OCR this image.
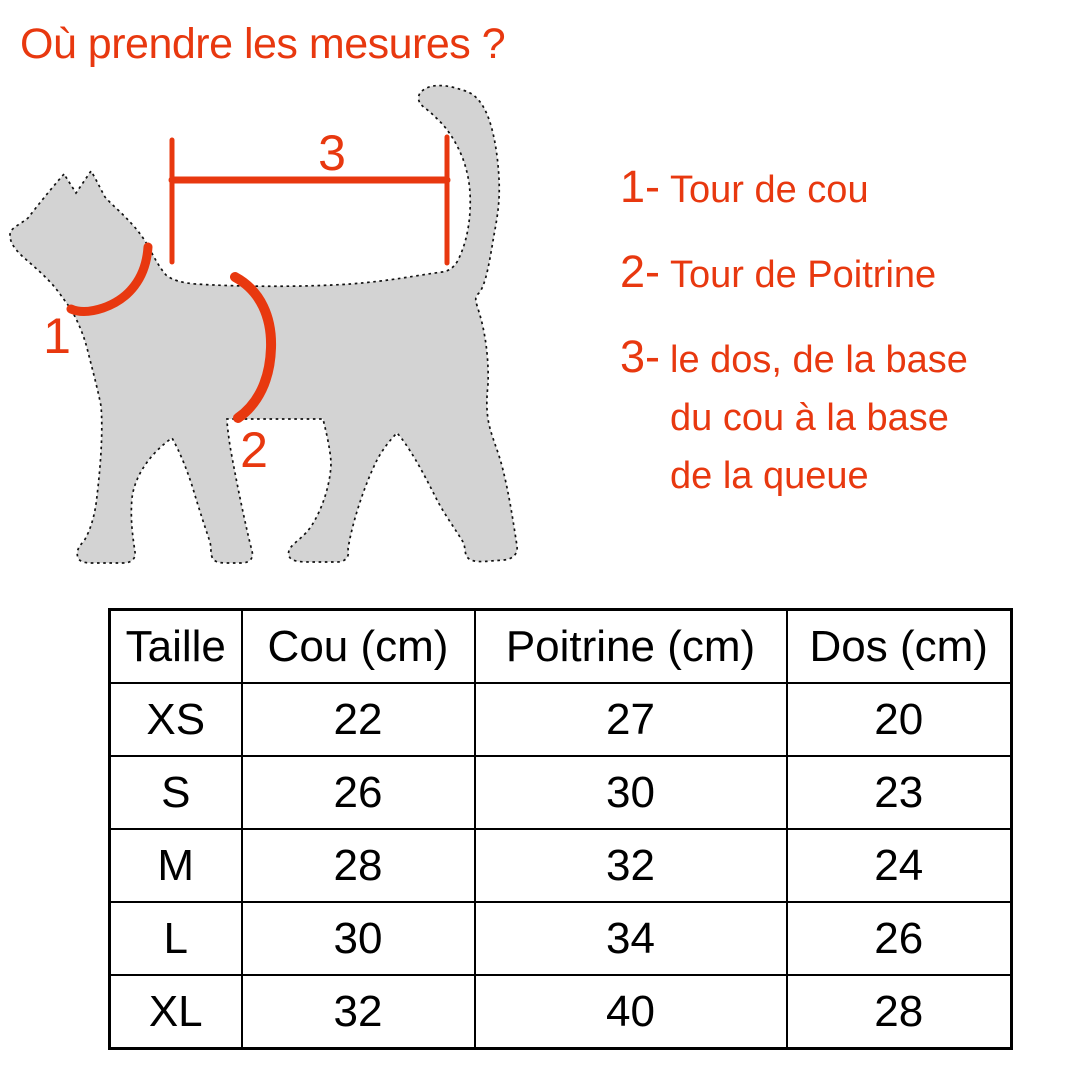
Où prendre les mesures ?
1
2
3
1- Tour de cou
2- Tour de Poitrine
3- le dos, de la base
du cou à la base
de la queue
Taille	Cou (cm)	Poitrine (cm)	Dos (cm)
XS	22	27	20
S	26	30	23
M	28	32	24
L	30	34	26
XL	32	40	28
